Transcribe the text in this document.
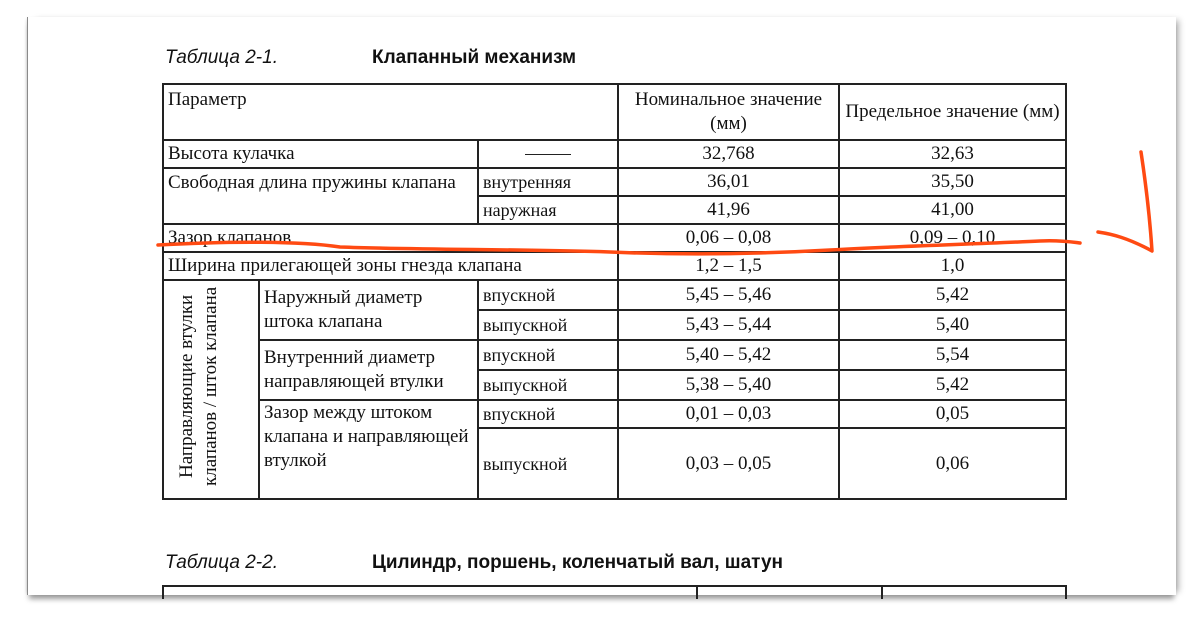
Таблица 2-1.	Клапанный механизм
Параметр			Номинальное значение (мм)	Предельное значение (мм)
Высота кулачка			32,768	32,63
Свободная длина пружины клапана		внутренняя	36,01	35,50
		наружная	41,96	41,00
Зазор клапанов			0,06 – 0,08	0,09 – 0,10
Ширина прилегающей зоны гнезда клапана			1,2 – 1,5	1,0
Направляющие втулки клапанов / шток клапана	Наружный диаметр штока клапана	впускной	5,45 – 5,46	5,42
		выпускной	5,43 – 5,44	5,40
	Внутренний диаметр направляющей втулки	впускной	5,40 – 5,42	5,54
		выпускной	5,38 – 5,40	5,42
	Зазор между штоком клапана и направляющей втулкой	впускной	0,01 – 0,03	0,05
		выпускной	0,03 – 0,05	0,06
Таблица 2-2.	Цилиндр, поршень, коленчатый вал, шатун
